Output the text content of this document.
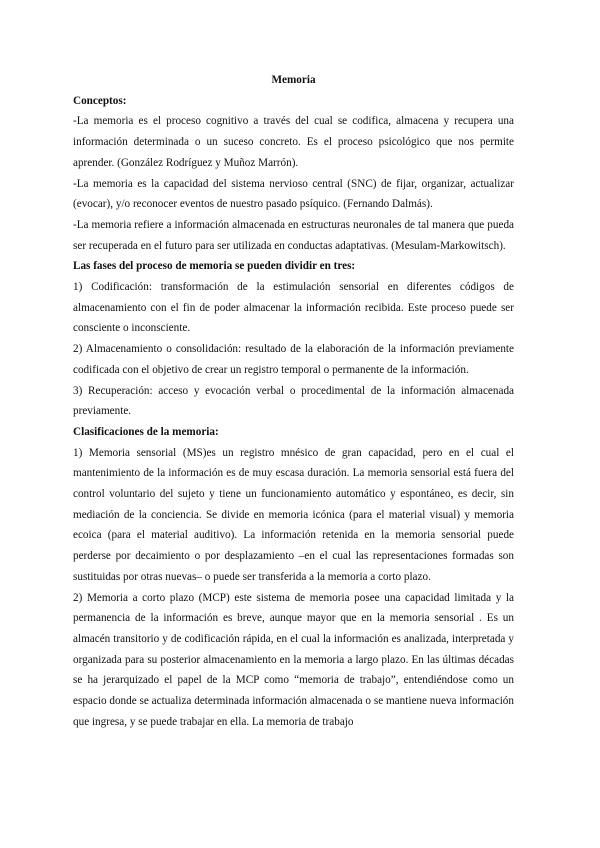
Memoria

Conceptos:

-La memoria es el proceso cognitivo a través del cual se codifica, almacena y recupera una información determinada o un suceso concreto. Es el proceso psicológico que nos permite aprender. (González Rodríguez y Muñoz Marrón).

-La memoria es la capacidad del sistema nervioso central (SNC) de fijar, organizar, actualizar (evocar), y/o reconocer eventos de nuestro pasado psíquico. (Fernando Dalmás).

-La memoria refiere a información almacenada en estructuras neuronales de tal manera que pueda ser recuperada en el futuro para ser utilizada en conductas adaptativas. (Mesulam-Markowitsch).

Las fases del proceso de memoria se pueden dividir en tres:

1) Codificación: transformación de la estimulación sensorial en diferentes códigos de almacenamiento con el fin de poder almacenar la información recibida. Este proceso puede ser consciente o inconsciente.

2) Almacenamiento o consolidación: resultado de la elaboración de la información previamente codificada con el objetivo de crear un registro temporal o permanente de la información.

3) Recuperación: acceso y evocación verbal o procedimental de la información almacenada previamente.

Clasificaciones de la memoria:

1) Memoria sensorial (MS)es un registro mnésico de gran capacidad, pero en el cual el mantenimiento de la información es de muy escasa duración. La memoria sensorial está fuera del control voluntario del sujeto y tiene un funcionamiento automático y espontáneo, es decir, sin mediación de la conciencia. Se divide en memoria icónica (para el material visual) y memoria ecoica (para el material auditivo). La información retenida en la memoria sensorial puede perderse por decaimiento o por desplazamiento –en el cual las representaciones formadas son sustituidas por otras nuevas– o puede ser transferida a la memoria a corto plazo.

2) Memoria a corto plazo (MCP) este sistema de memoria posee una capacidad limitada y la permanencia de la información es breve, aunque mayor que en la memoria sensorial . Es un almacén transitorio y de codificación rápida, en el cual la información es analizada, interpretada y organizada para su posterior almacenamiento en la memoria a largo plazo. En las últimas décadas se ha jerarquizado el papel de la MCP como “memoria de trabajo”, entendiéndose como un espacio donde se actualiza determinada información almacenada o se mantiene nueva información que ingresa, y se puede trabajar en ella. La memoria de trabajo
